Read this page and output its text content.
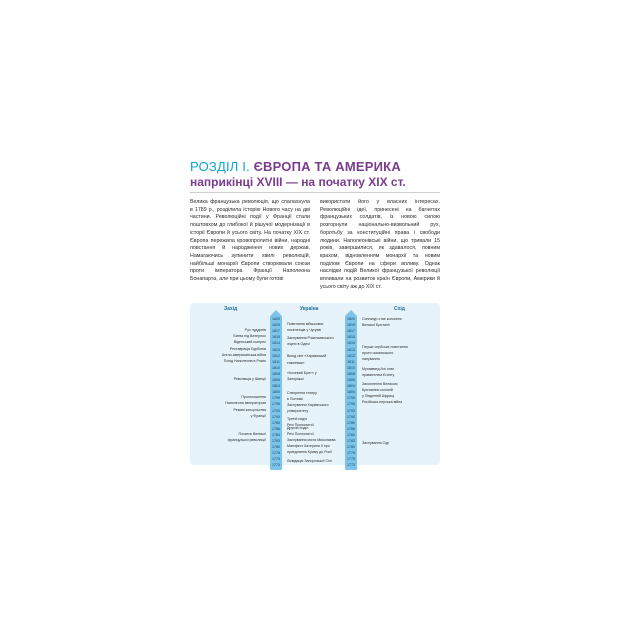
РОЗДІЛ І. ЄВРОПА ТА АМЕРИКА
наприкінці XVIII — на початку XIX ст.

Велика французька революція, що спалахнула в 1789 р., розділила історію Нового часу на дві частини. Революційні події у Франції стали поштовхом до глибокої й рішучої модернізації в історії Європи й усього світу. На початку XIX ст. Європа пережила кровопролитні війни, народні повстання й народження нових держав. Намагаючись зупинити хвилі революцій, найбільші монархії Європи створювали союзи проти імператора Франції Наполеона Бонапарта, але при цьому були готові

використати його у власних інтересах. Революційні ідеї, принесені на багнетах французьких солдатів, із новою силою розгорнули національно-визвольний рух, боротьбу за конституційні права і свободи людини. Наполеонівські війни, що тривали 15 років, завершилися, як здавалося, повним крахом, відновленням монархії та новим поділом Європи на сфери впливу. Однак наслідки подій Великої французької революції впливали на розвиток країн Європи, Америки й усього світу аж до XIX ст.

Захід	Україна	Схід
1820
1819
1817
1815
1814
1813
1812
1811
1810
1808
1806
1804
1800
1799
1795
1793
1790
1789
1786
1784
1783
1780
1778
1775
1773
1820
1819
1817
1815
1814
1813
1812
1811
1810
1808
1806
1804
1800
1799
1795
1793
1790
1789
1786
1784
1783
1780
1778
1775
1773
Рух луддитів
Битва під Ватерлоо
Віденський конгрес
Реставрація Бурбонів
Англо-американська війна
Похід Наполеона в Росію
Революція у Швеції
Проголошення
Наполеона імператором
Режим консульства
у Франції
Початок Великої
французької революції
Повстання військових
поселенців у Чугуєві
Заснування Рішельєвського
ліцею в Одесі
Вихід світ «Харківський
тижневик»
«Кочевий Брит» у
Запоріжжі
Створення театру
в Полтаві
Заснування Харківського
університету
Третій поділ
Речі Посполитої
Другий поділ
Речі Посполитої
Заснування міста Миколаєва
Маніфест Катерини II про
приєднання Криму до Росії
Ліквідація Запорозької Січі
Сингапур стає колонією
Великої Британії
Перше сербське повстання
проти османського
панування
Мухаммед Алі стає
правителем Єгипту
Захоплення Великою
Британією колоній
у Південній Африці
Російсько-перська війна
Заснування Сіді
